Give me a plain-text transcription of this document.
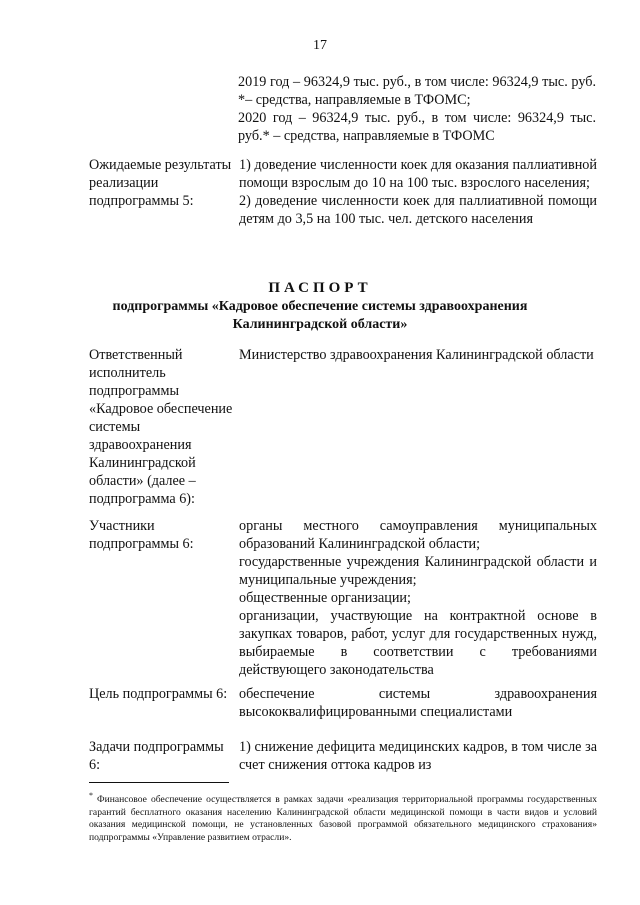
17

2019 год – 96324,9 тыс. руб., в том числе: 96324,9 тыс. руб. *– средства, направляемые в ТФОМС;

2020 год – 96324,9 тыс. руб., в том числе: 96324,9 тыс. руб.* – средства, направляемые в ТФОМС

Ожидаемые результаты реализации подпрограммы 5:

1) доведение численности коек для оказания паллиативной помощи взрослым до 10 на 100 тыс. взрослого населения;

2) доведение численности коек для паллиативной помощи детям до 3,5 на 100 тыс. чел. детского населения

ПАСПОРТ
подпрограммы «Кадровое обеспечение системы здравоохранения Калининградской области»
Ответственный исполнитель подпрограммы «Кадровое обеспечение системы здравоохранения Калининградской области» (далее – подпрограмма 6):
Министерство здравоохранения Калининградской области
Участники подпрограммы 6:

органы местного самоуправления муниципальных образований Калининградской области;

государственные учреждения Калининградской области и муниципальные учреждения;

общественные организации;

организации, участвующие на контрактной основе в закупках товаров, работ, услуг для государственных нужд, выбираемые в соответствии с требованиями действующего законодательства

Цель подпрограммы 6: обеспечение системы здравоохранения высококвалифицированными специалистами
Задачи подпрограммы 6:
1) снижение дефицита медицинских кадров, в том числе за счет снижения оттока кадров из
* Финансовое обеспечение осуществляется в рамках задачи «реализация территориальной программы государственных гарантий бесплатного оказания населению Калининградской области медицинской помощи в части видов и условий оказания медицинской помощи, не установленных базовой программой обязательного медицинского страхования» подпрограммы «Управление развитием отрасли».
